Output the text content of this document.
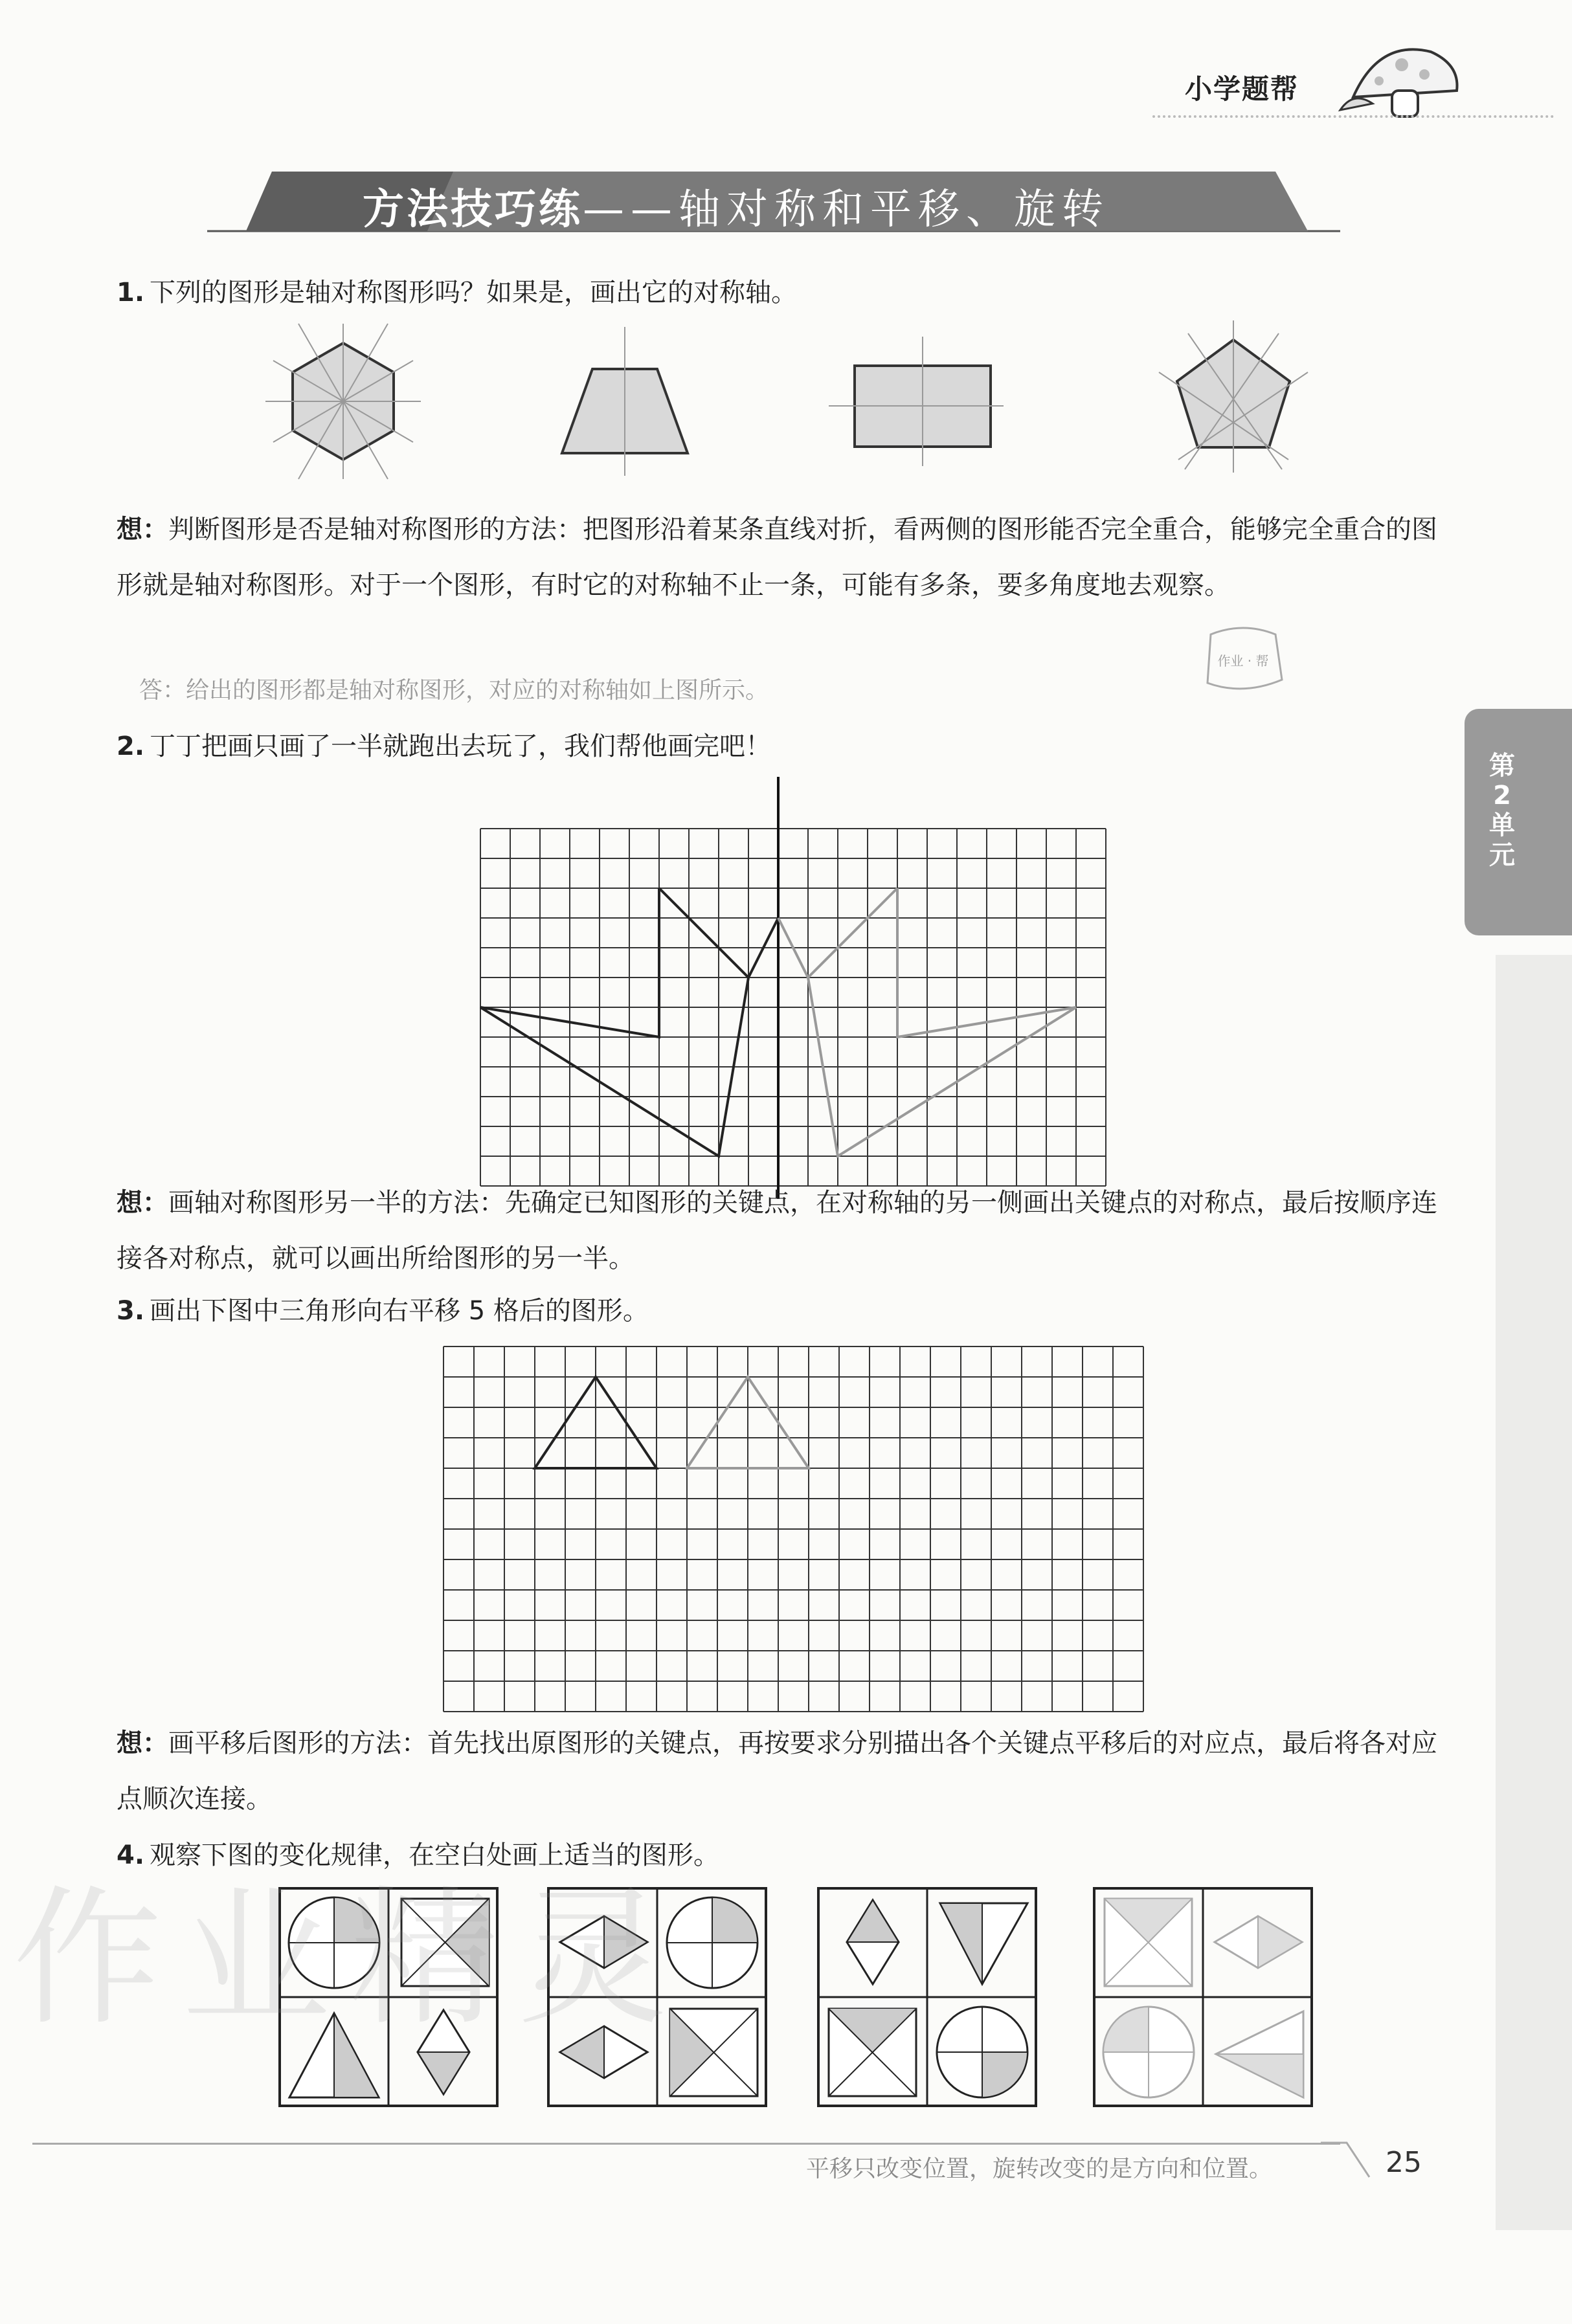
小学题帮
方法技巧练——轴对称和平移、旋转
第2单元
1. 下列的图形是轴对称图形吗？如果是，画出它的对称轴。
想：判断图形是否是轴对称图形的方法：把图形沿着某条直线对折，看两侧的图形能否完全重合，能够完全重合的图形就是轴对称图形。对于一个图形，有时它的对称轴不止一条，可能有多条，要多角度地去观察。
答：给出的图形都是轴对称图形，对应的对称轴如上图所示。
作业 · 帮
2. 丁丁把画只画了一半就跑出去玩了，我们帮他画完吧！
想：画轴对称图形另一半的方法：先确定已知图形的关键点，在对称轴的另一侧画出关键点的对称点，最后按顺序连接各对称点，就可以画出所给图形的另一半。
3. 画出下图中三角形向右平移 5 格后的图形。
想：画平移后图形的方法：首先找出原图形的关键点，再按要求分别描出各个关键点平移后的对应点，最后将各对应点顺次连接。
4. 观察下图的变化规律，在空白处画上适当的图形。
作业精灵
平移只改变位置，旋转改变的是方向和位置。	25
